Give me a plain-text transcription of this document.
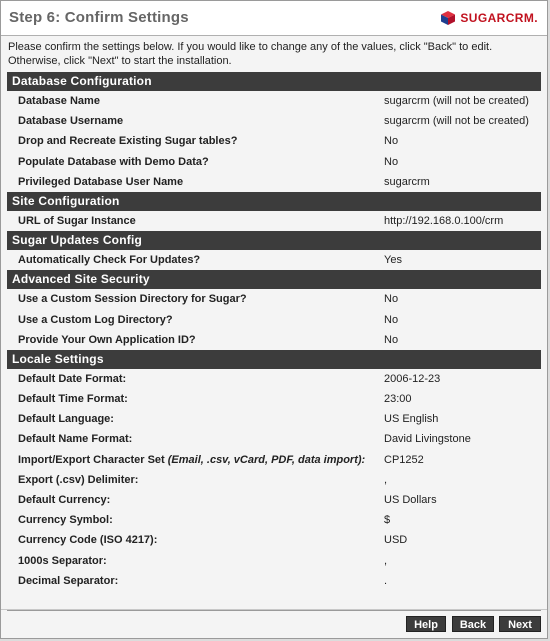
Step 6: Confirm Settings	SUGARCRM.
Please confirm the settings below. If you would like to change any of the values, click "Back" to edit.
Otherwise, click "Next" to start the installation.
Database Configuration
Database Name	sugarcrm (will not be created)
Database Username	sugarcrm (will not be created)
Drop and Recreate Existing Sugar tables?	No
Populate Database with Demo Data?	No
Privileged Database User Name	sugarcrm
Site Configuration
URL of Sugar Instance	http://192.168.0.100/crm
Sugar Updates Config
Automatically Check For Updates?	Yes
Advanced Site Security
Use a Custom Session Directory for Sugar?	No
Use a Custom Log Directory?	No
Provide Your Own Application ID?	No
Locale Settings
Default Date Format:	2006-12-23
Default Time Format:	23:00
Default Language:	US English
Default Name Format:	David Livingstone
Import/Export Character Set (Email, .csv, vCard, PDF, data import): CP1252
Export (.csv) Delimiter:	,
Default Currency:	US Dollars
Currency Symbol:	$
Currency Code (ISO 4217):	USD
1000s Separator:	,
Decimal Separator:	.
Help	Back	Next
